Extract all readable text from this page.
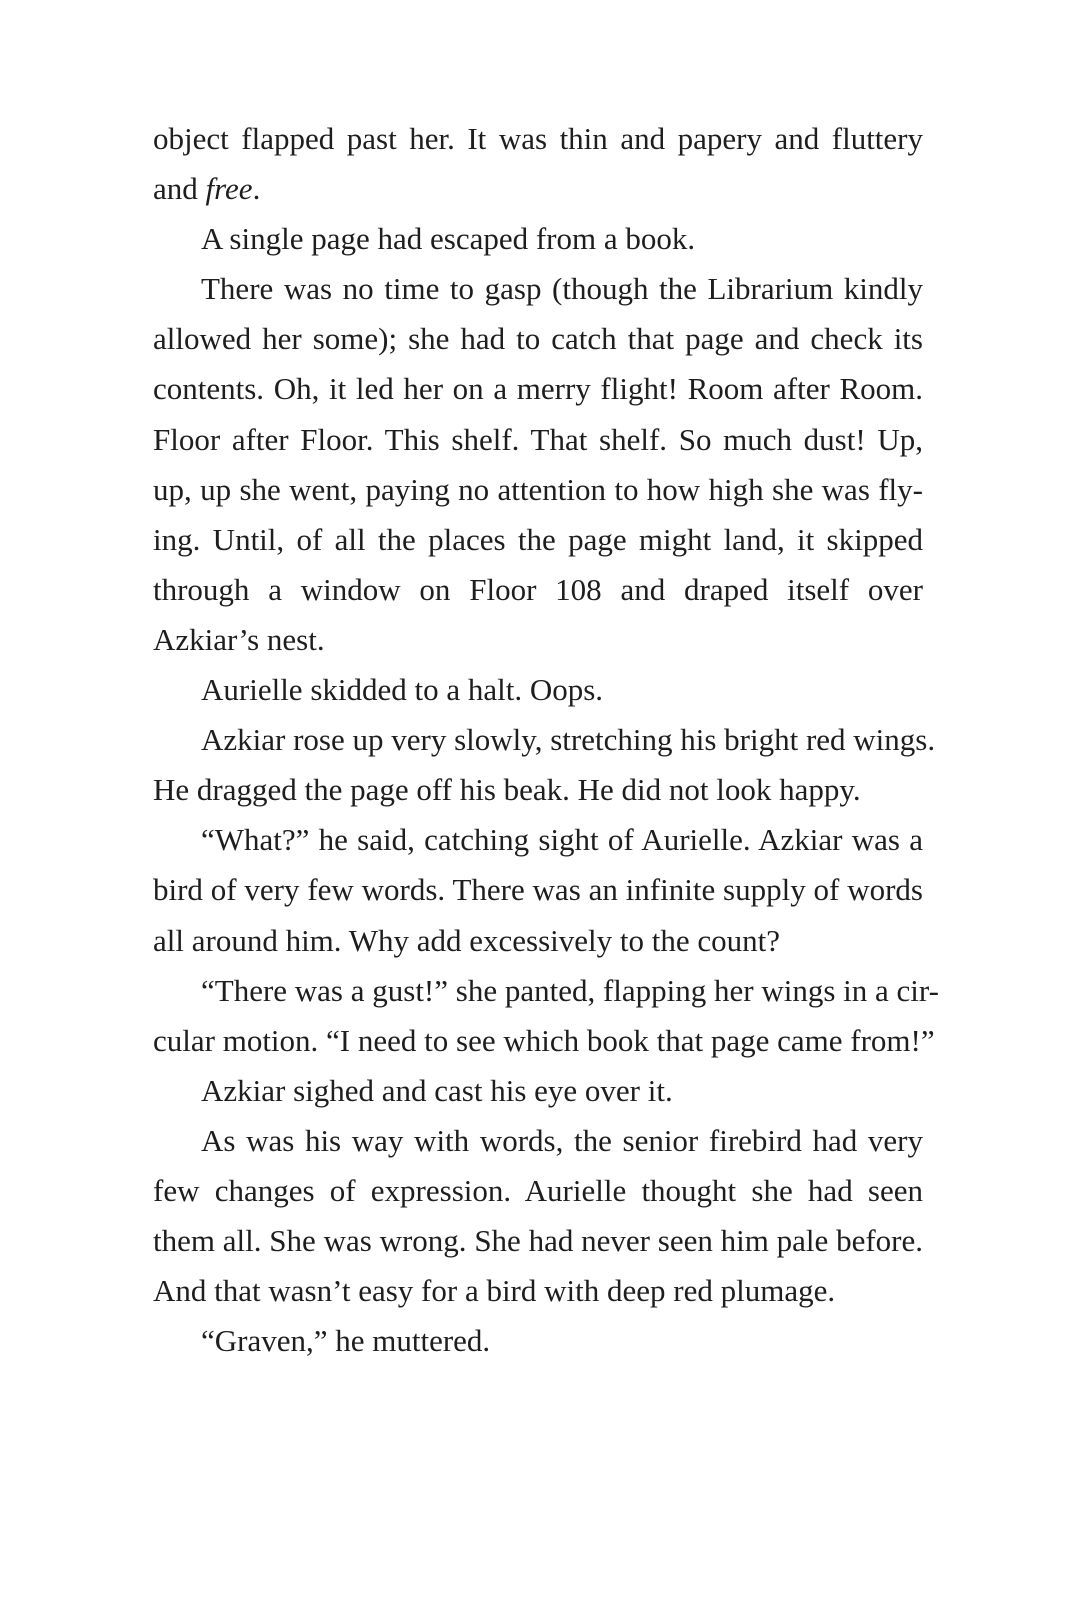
object flapped past her. It was thin and papery and fluttery
and free.
A single page had escaped from a book.
There was no time to gasp (though the Librarium kindly
allowed her some); she had to catch that page and check its
contents. Oh, it led her on a merry flight! Room after Room.
Floor after Floor. This shelf. That shelf. So much dust! Up,
up, up she went, paying no attention to how high she was fly-
ing. Until, of all the places the page might land, it skipped
through a window on Floor 108 and draped itself over
Azkiar’s nest.
Aurielle skidded to a halt. Oops.
Azkiar rose up very slowly, stretching his bright red wings.
He dragged the page off his beak. He did not look happy.
“What?” he said, catching sight of Aurielle. Azkiar was a
bird of very few words. There was an infinite supply of words
all around him. Why add excessively to the count?
“There was a gust!” she panted, flapping her wings in a cir-
cular motion. “I need to see which book that page came from!”
Azkiar sighed and cast his eye over it.
As was his way with words, the senior firebird had very
few changes of expression. Aurielle thought she had seen
them all. She was wrong. She had never seen him pale before.
And that wasn’t easy for a bird with deep red plumage.
“Graven,” he muttered.
